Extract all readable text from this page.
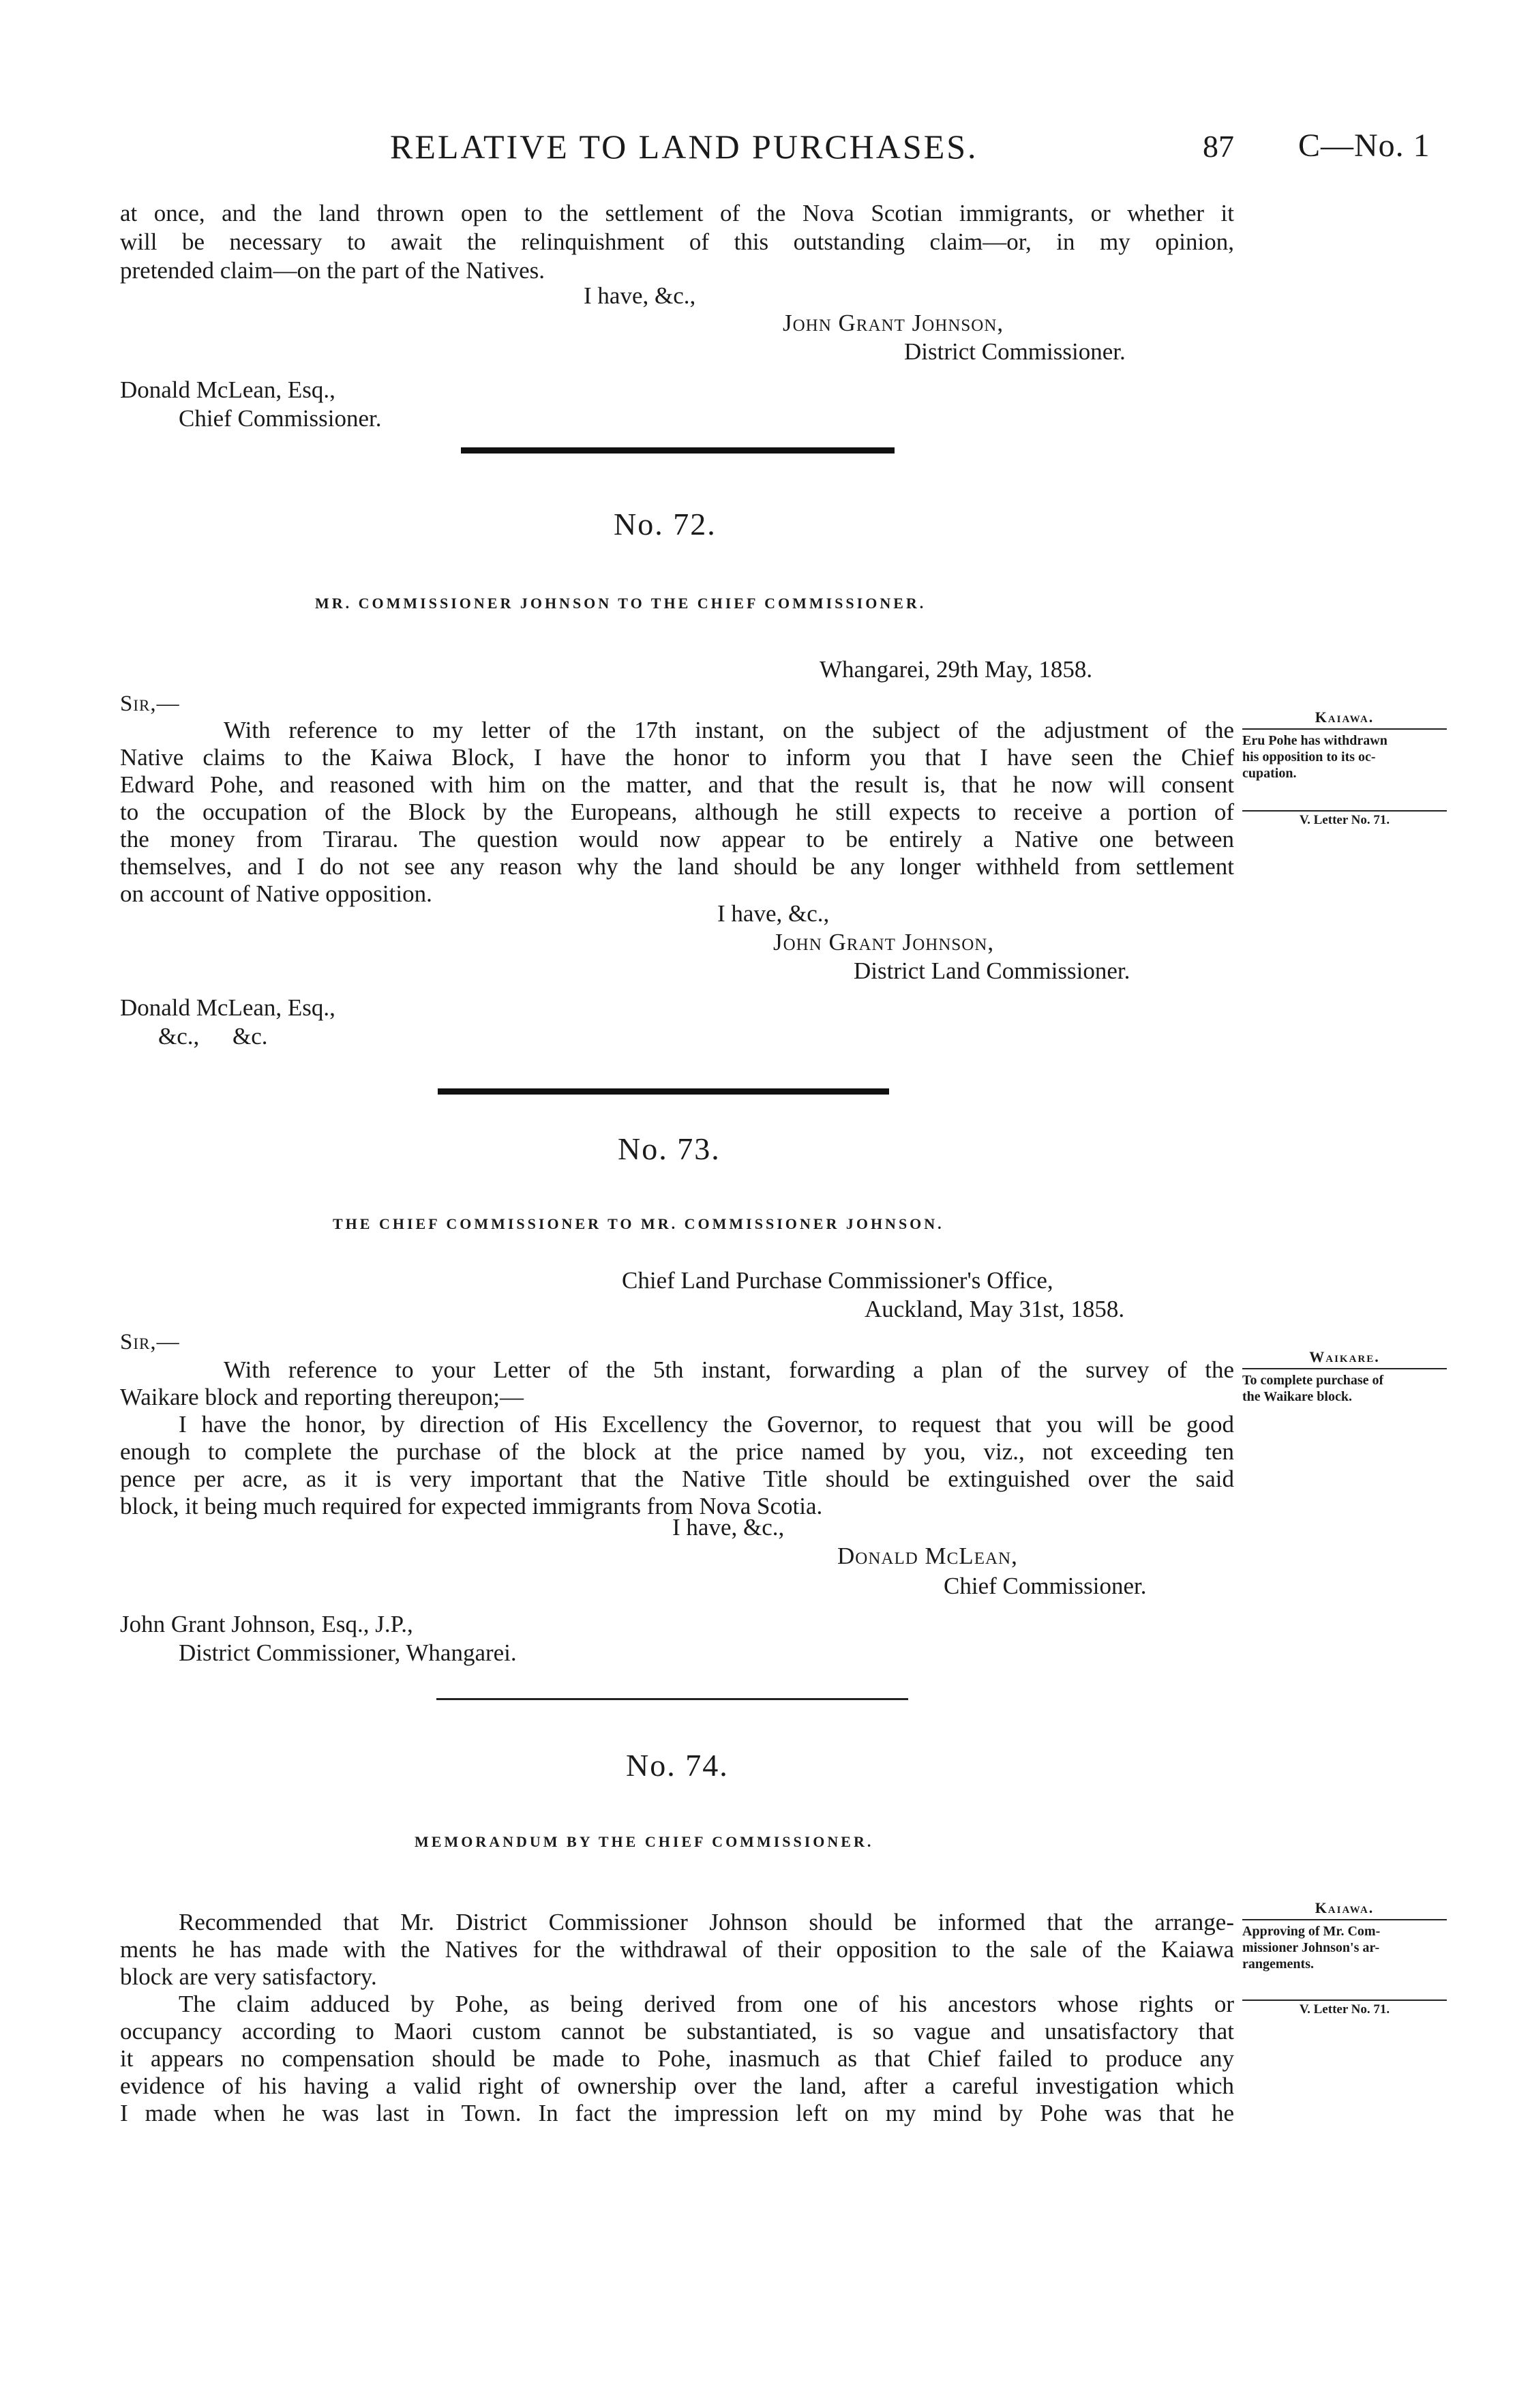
RELATIVE TO LAND PURCHASES.	87 C—No. 1
at once, and the land thrown open to the settlement of the Nova Scotian immigrants, or whether it
will be necessary to await the relinquishment of this outstanding claim—or, in my opinion,
pretended claim—on the part of the Natives.
I have, &c.,
John Grant Johnson,
District Commissioner.
Donald McLean, Esq.,
Chief Commissioner.
No. 72.
MR. COMMISSIONER JOHNSON TO THE CHIEF COMMISSIONER.
Whangarei, 29th May, 1858.
Sir,—
With reference to my letter of the 17th instant, on the subject of the adjustment of the
Native claims to the Kaiwa Block, I have the honor to inform you that I have seen the Chief
Edward Pohe, and reasoned with him on the matter, and that the result is, that he now will consent
to the occupation of the Block by the Europeans, although he still expects to receive a portion of
the money from Tirarau. The question would now appear to be entirely a Native one between
themselves, and I do not see any reason why the land should be any longer withheld from settlement
on account of Native opposition.
Kaiawa.
Eru Pohe has withdrawn
his opposition to its oc-
cupation.
V. Letter No. 71.
I have, &c.,
John Grant Johnson,
District Land Commissioner.
Donald McLean, Esq.,
&c., &c.
No. 73.
THE CHIEF COMMISSIONER TO MR. COMMISSIONER JOHNSON.
Chief Land Purchase Commissioner's Office,
Auckland, May 31st, 1858.
Sir,—
With reference to your Letter of the 5th instant, forwarding a plan of the survey of the
Waikare block and reporting thereupon;—
I have the honor, by direction of His Excellency the Governor, to request that you will be good
enough to complete the purchase of the block at the price named by you, viz., not exceeding ten
pence per acre, as it is very important that the Native Title should be extinguished over the said
block, it being much required for expected immigrants from Nova Scotia.
Waikare.
To complete purchase of
the Waikare block.
I have, &c.,
Donald McLean,
Chief Commissioner.
John Grant Johnson, Esq., J.P.,
District Commissioner, Whangarei.
No. 74.
MEMORANDUM BY THE CHIEF COMMISSIONER.
Recommended that Mr. District Commissioner Johnson should be informed that the arrange-
ments he has made with the Natives for the withdrawal of their opposition to the sale of the Kaiawa
block are very satisfactory.
The claim adduced by Pohe, as being derived from one of his ancestors whose rights or
occupancy according to Maori custom cannot be substantiated, is so vague and unsatisfactory that
it appears no compensation should be made to Pohe, inasmuch as that Chief failed to produce any
evidence of his having a valid right of ownership over the land, after a careful investigation which
I made when he was last in Town. In fact the impression left on my mind by Pohe was that he
Kaiawa.
Approving of Mr. Com-
missioner Johnson's ar-
rangements.
V. Letter No. 71.
